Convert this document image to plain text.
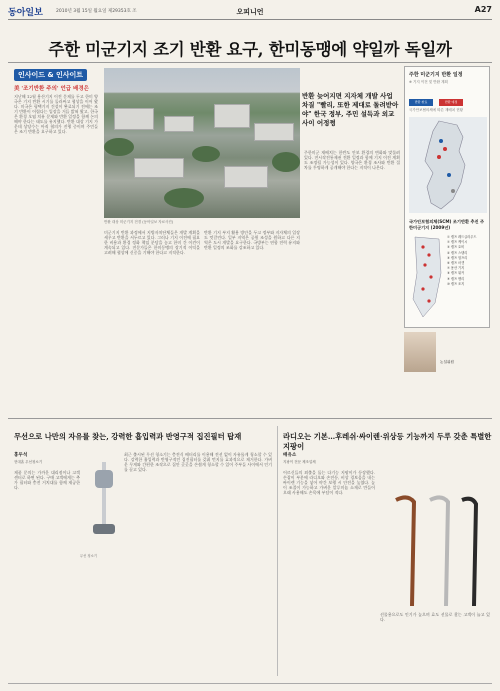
동아일보	2010년 3월 15일 월요일 제29353호 조	오피니언	A27
주한 미군기지 조기 반환 요구, 한미동맹에 약일까 독일까
인사이드 & 인사이트
美 '조기반환 주의' 언급 배경은
지난해 12월 용산기지 이전 문제를 두고 한미 양국은 기지 반환 시기를 둘러싸고 협상을 이어 왔다. 미국은 평택기지 건설이 완료되기 전에는 조기 반환이 어렵다는 입장을 거듭 밝혀 왔고, 한국은 환경 오염 치유 문제와 반환 일정을 함께 논의해야 한다는 태도를 유지했다. 반환 대상 기지 가운데 상당수는 아직 협의가 진행 중이며 주민들은 조기 반환을 요구하고 있다.
반환 대상 미군기지 전경 (동아일보 자료사진)
반환 늦어지면 지자체 개발 사업 차질 "빨리, 또한 제대로 돌려받아야" 한국 정부, 주민 설득과 외교 사이 어정쩡
미군기지 반환 과정에서 지방자치단체들은 개발 계획을 세우고 반환을 서두르고 있다. 그러나 기지 이전에 필요한 비용과 환경 정화 책임 분담을 놓고 한미 간 이견이 계속되고 있다. 전문가들은 한미동맹의 장기적 이익을 고려해 협상에 신중을 기해야 한다고 지적한다.
반환 기지 부지 활용 방안을 두고 정부와 지자체의 입장도 엇갈린다. 일부 지역은 공원 조성을 원하고 다른 지역은 도시 개발을 요구한다. 국방부는 연합 전력 유지와 반환 일정의 조화를 강조하고 있다.
주한미군 재배치는 한반도 안보 환경의 변화와 맞물려 있다. 전시작전통제권 전환 일정과 함께 기지 이전 계획도 조정될 가능성이 있다. 양국은 환경 조사와 반환 절차를 투명하게 공개해야 한다는 지적이 나온다.
주한 미군기지 반환 일정
※ 기지 이전 및 반환 계획
반환 완료	반환 예정
국가안보협의체에 따른 재배치 현황
국가안보협의체(SCM) 조기반환 추진 주한미군기지 (2009년)
① 캠프 레드클라우드
② 캠프 케이시
③ 캠프 호비
④ 캠프 스탠리
⑤ 캠프 험프리
⑥ 캠프 마켓
⑦ 용산 기지
⑧ 캠프 워커
⑨ 캠프 헨리
⑩ 캠프 조지
논설위원
무선으로 나만의 자유를 찾는, 강력한 흡입력과 반영구적 집진필터 탑재	라디오는 기본…후레쉬·싸이렌·위상등 기능까지 두루 갖춘 특별한 지팡이
홍두석
현대홈 무선청소기
제품 문의는 가까운 대리점이나 고객센터로 하면 된다. 구매 고객에게는 추가 필터와 충전 거치대를 함께 제공한다.
무선 청소기
최근 출시된 무선 청소기는 충전식 배터리를 이용해 전선 없이 자유롭게 청소할 수 있다. 강력한 흡입력과 반영구적인 집진필터를 갖춰 먼지를 효과적으로 제거한다. 가벼운 무게와 간편한 조작으로 집안 곳곳을 손쉽게 청소할 수 있어 주부들 사이에서 인기를 끌고 있다.
배유소
지팡이 전문 제조업체
어르신들의 외출을 돕는 다기능 지팡이가 등장했다. 손잡이 부분에 라디오와 손전등, 비상 경보음을 내는 싸이렌 기능을 넣어 야간 보행 시 안전을 높였다. 높이 조절이 가능하고 가벼운 알루미늄 소재로 만들어 오래 사용해도 손목에 부담이 적다.
선물용으로도 인기가 높으며 효도 선물로 찾는 고객이 늘고 있다.
